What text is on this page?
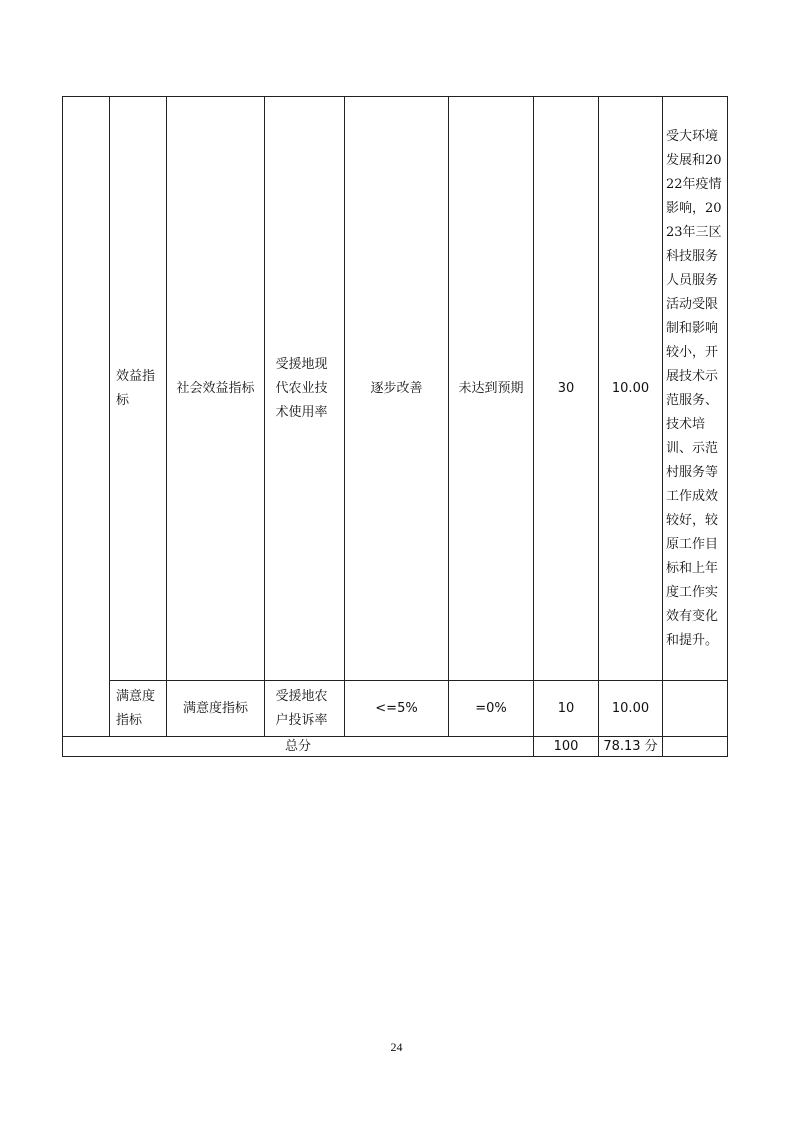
	效益指标	社会效益指标	受援地现代农业技术使用率	逐步改善	未达到预期	30	10.00	受大环境发展和2022年疫情影响，2023年三区科技服务人员服务活动受限制和影响较小，开展技术示范服务、技术培训、示范村服务等工作成效较好，较原工作目标和上年度工作实效有变化和提升。

	满意度指标	满意度指标	受援地农户投诉率	<=5%	=0%	10	10.00	
总分						100	78.13 分	
24
